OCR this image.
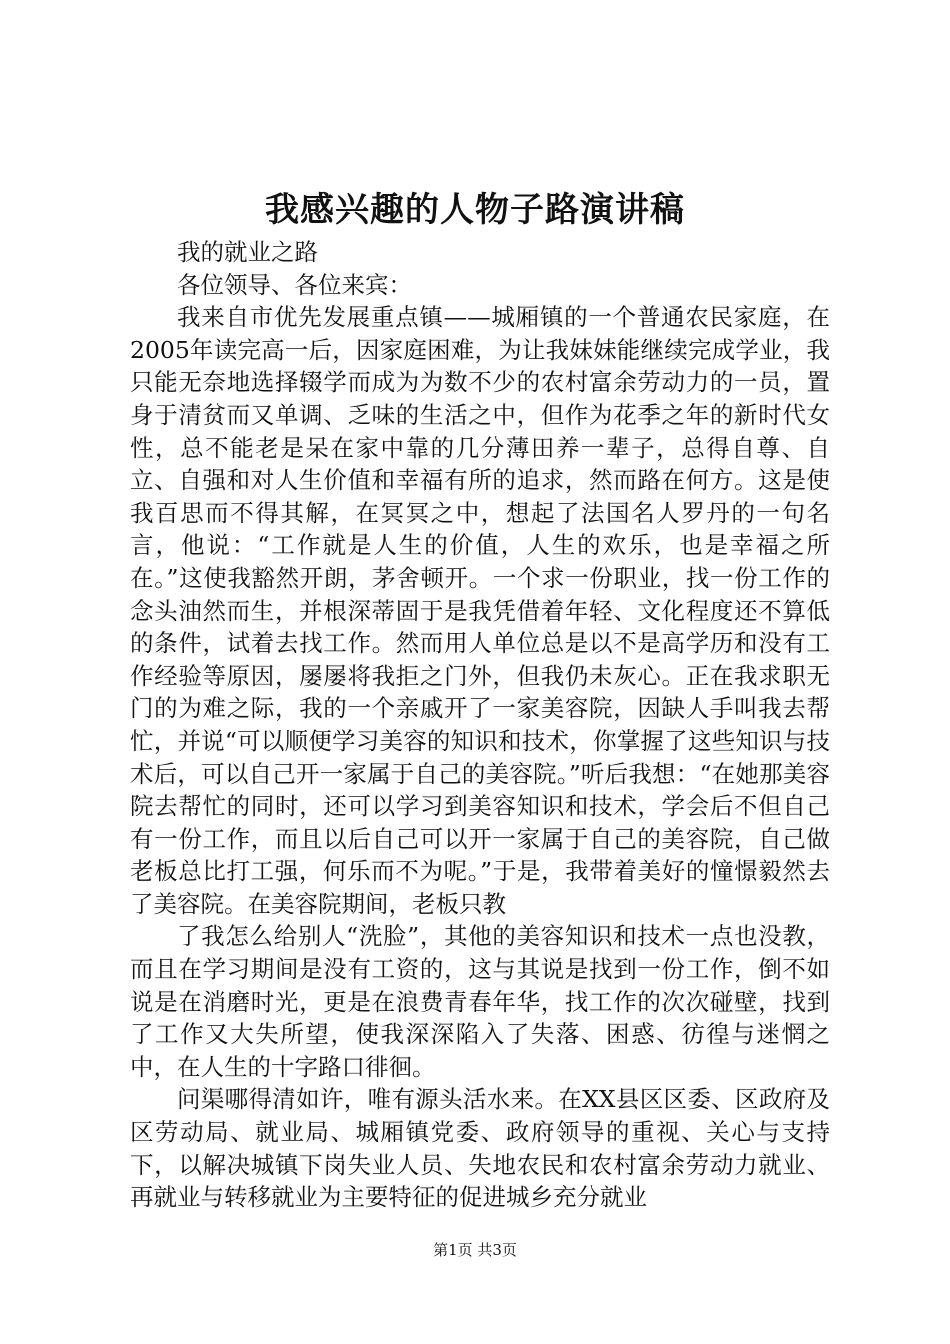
我感兴趣的人物子路演讲稿

我的就业之路

各位领导、各位来宾：

我来自市优先发展重点镇——城厢镇的一个普通农民家庭，在2005年读完高一后，因家庭困难，为让我妹妹能继续完成学业，我只能无奈地选择辍学而成为为数不少的农村富余劳动力的一员，置身于清贫而又单调、乏味的生活之中，但作为花季之年的新时代女性，总不能老是呆在家中靠的几分薄田养一辈子，总得自尊、自立、自强和对人生价值和幸福有所的追求，然而路在何方。这是使我百思而不得其解，在冥冥之中，想起了法国名人罗丹的一句名言，他说：“工作就是人生的价值，人生的欢乐，也是幸福之所在。”这使我豁然开朗，茅舍顿开。一个求一份职业，找一份工作的念头油然而生，并根深蒂固于是我凭借着年轻、文化程度还不算低的条件，试着去找工作。然而用人单位总是以不是高学历和没有工作经验等原因，屡屡将我拒之门外，但我仍未灰心。正在我求职无门的为难之际，我的一个亲戚开了一家美容院，因缺人手叫我去帮忙，并说“可以顺便学习美容的知识和技术，你掌握了这些知识与技术后，可以自己开一家属于自己的美容院。”听后我想：“在她那美容院去帮忙的同时，还可以学习到美容知识和技术，学会后不但自己有一份工作，而且以后自己可以开一家属于自己的美容院，自己做老板总比打工强，何乐而不为呢。”于是，我带着美好的憧憬毅然去了美容院。在美容院期间，老板只教

了我怎么给别人“洗脸”，其他的美容知识和技术一点也没教，而且在学习期间是没有工资的，这与其说是找到一份工作，倒不如说是在消磨时光，更是在浪费青春年华，找工作的次次碰壁，找到了工作又大失所望，使我深深陷入了失落、困惑、彷徨与迷惘之中，在人生的十字路口徘徊。

问渠哪得清如许，唯有源头活水来。在XX县区区委、区政府及区劳动局、就业局、城厢镇党委、政府领导的重视、关心与支持下，以解决城镇下岗失业人员、失地农民和农村富余劳动力就业、再就业与转移就业为主要特征的促进城乡充分就业

第1页 共3页
